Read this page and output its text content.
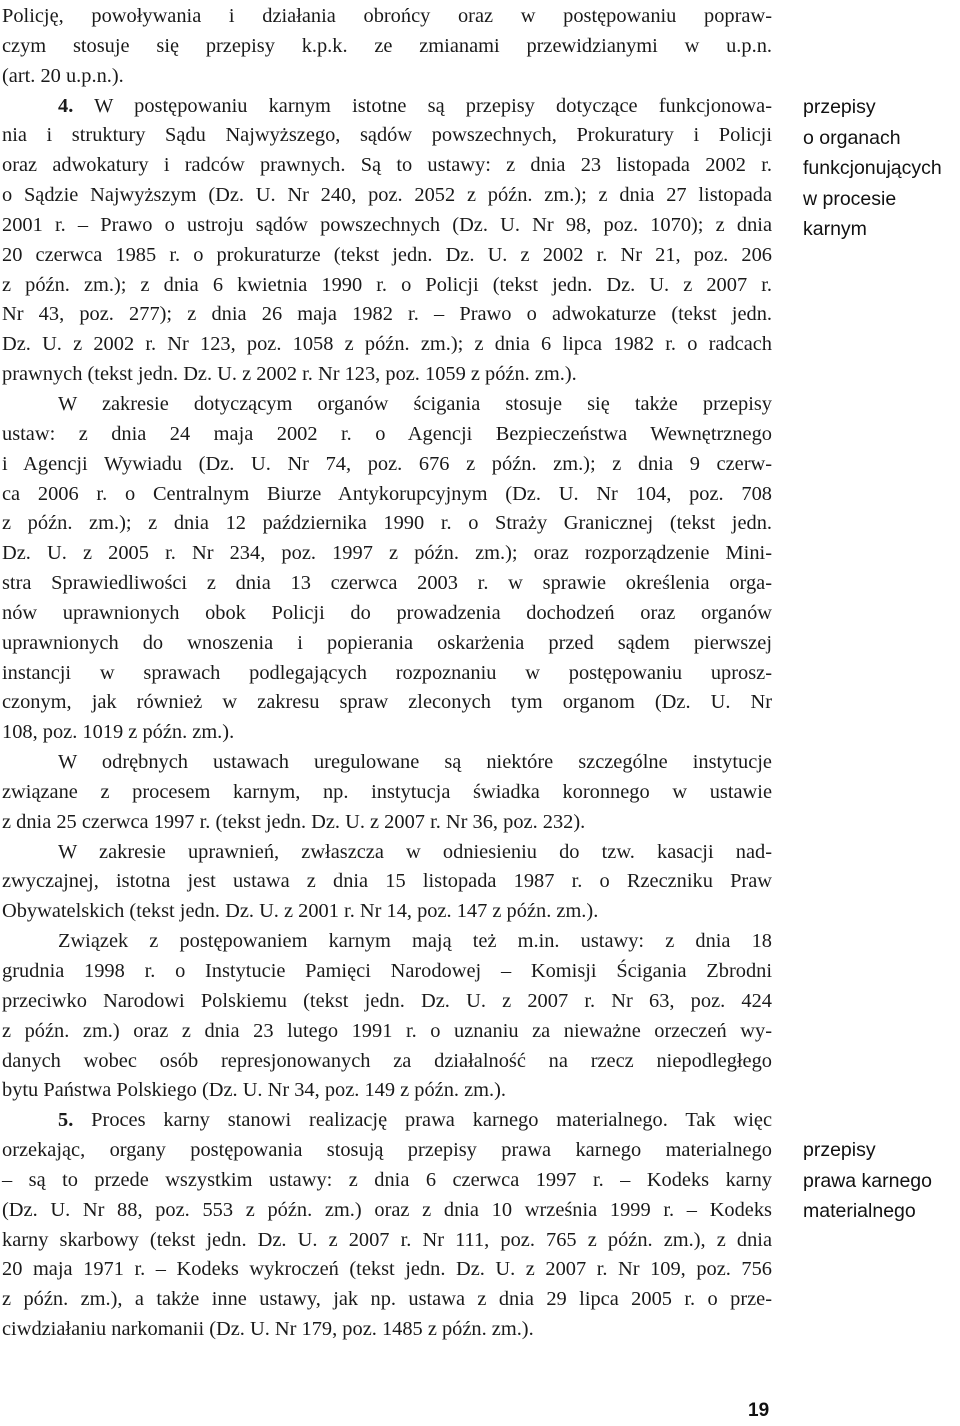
Policję, powoływania i działania obrońcy oraz w postępowaniu popraw-
czym stosuje się przepisy k.p.k. ze zmianami przewidzianymi w u.p.n.
(art. 20 u.p.n.).
4. W postępowaniu karnym istotne są przepisy dotyczące funkcjonowa-
nia i struktury Sądu Najwyższego, sądów powszechnych, Prokuratury i Policji
oraz adwokatury i radców prawnych. Są to ustawy: z dnia 23 listopada 2002 r.
o Sądzie Najwyższym (Dz. U. Nr 240, poz. 2052 z późn. zm.); z dnia 27 listopada
2001 r. – Prawo o ustroju sądów powszechnych (Dz. U. Nr 98, poz. 1070); z dnia
20 czerwca 1985 r. o prokuraturze (tekst jedn. Dz. U. z 2002 r. Nr 21, poz. 206
z późn. zm.); z dnia 6 kwietnia 1990 r. o Policji (tekst jedn. Dz. U. z 2007 r.
Nr 43, poz. 277); z dnia 26 maja 1982 r. – Prawo o adwokaturze (tekst jedn.
Dz. U. z 2002 r. Nr 123, poz. 1058 z późn. zm.); z dnia 6 lipca 1982 r. o radcach
prawnych (tekst jedn. Dz. U. z 2002 r. Nr 123, poz. 1059 z późn. zm.).
W zakresie dotyczącym organów ścigania stosuje się także przepisy
ustaw: z dnia 24 maja 2002 r. o Agencji Bezpieczeństwa Wewnętrznego
i Agencji Wywiadu (Dz. U. Nr 74, poz. 676 z późn. zm.); z dnia 9 czerw-
ca 2006 r. o Centralnym Biurze Antykorupcyjnym (Dz. U. Nr 104, poz. 708
z późn. zm.); z dnia 12 października 1990 r. o Straży Granicznej (tekst jedn.
Dz. U. z 2005 r. Nr 234, poz. 1997 z późn. zm.); oraz rozporządzenie Mini-
stra Sprawiedliwości z dnia 13 czerwca 2003 r. w sprawie określenia orga-
nów uprawnionych obok Policji do prowadzenia dochodzeń oraz organów
uprawnionych do wnoszenia i popierania oskarżenia przed sądem pierwszej
instancji w sprawach podlegających rozpoznaniu w postępowaniu uprosz-
czonym, jak również w zakresu spraw zleconych tym organom (Dz. U. Nr
108, poz. 1019 z późn. zm.).
W odrębnych ustawach uregulowane są niektóre szczególne instytucje
związane z procesem karnym, np. instytucja świadka koronnego w ustawie
z dnia 25 czerwca 1997 r. (tekst jedn. Dz. U. z 2007 r. Nr 36, poz. 232).
W zakresie uprawnień, zwłaszcza w odniesieniu do tzw. kasacji nad-
zwyczajnej, istotna jest ustawa z dnia 15 listopada 1987 r. o Rzeczniku Praw
Obywatelskich (tekst jedn. Dz. U. z 2001 r. Nr 14, poz. 147 z późn. zm.).
Związek z postępowaniem karnym mają też m.in. ustawy: z dnia 18
grudnia 1998 r. o Instytucie Pamięci Narodowej – Komisji Ścigania Zbrodni
przeciwko Narodowi Polskiemu (tekst jedn. Dz. U. z 2007 r. Nr 63, poz. 424
z późn. zm.) oraz z dnia 23 lutego 1991 r. o uznaniu za nieważne orzeczeń wy-
danych wobec osób represjonowanych za działalność na rzecz niepodległego
bytu Państwa Polskiego (Dz. U. Nr 34, poz. 149 z późn. zm.).
5. Proces karny stanowi realizację prawa karnego materialnego. Tak więc
orzekając, organy postępowania stosują przepisy prawa karnego materialnego
– są to przede wszystkim ustawy: z dnia 6 czerwca 1997 r. – Kodeks karny
(Dz. U. Nr 88, poz. 553 z późn. zm.) oraz z dnia 10 września 1999 r. – Kodeks
karny skarbowy (tekst jedn. Dz. U. z 2007 r. Nr 111, poz. 765 z późn. zm.), z dnia
20 maja 1971 r. – Kodeks wykroczeń (tekst jedn. Dz. U. z 2007 r. Nr 109, poz. 756
z późn. zm.), a także inne ustawy, jak np. ustawa z dnia 29 lipca 2005 r. o prze-
ciwdziałaniu narkomanii (Dz. U. Nr 179, poz. 1485 z późn. zm.).
przepisy
o organach
funkcjonujących
w procesie
karnym
przepisy
prawa karnego
materialnego
19
